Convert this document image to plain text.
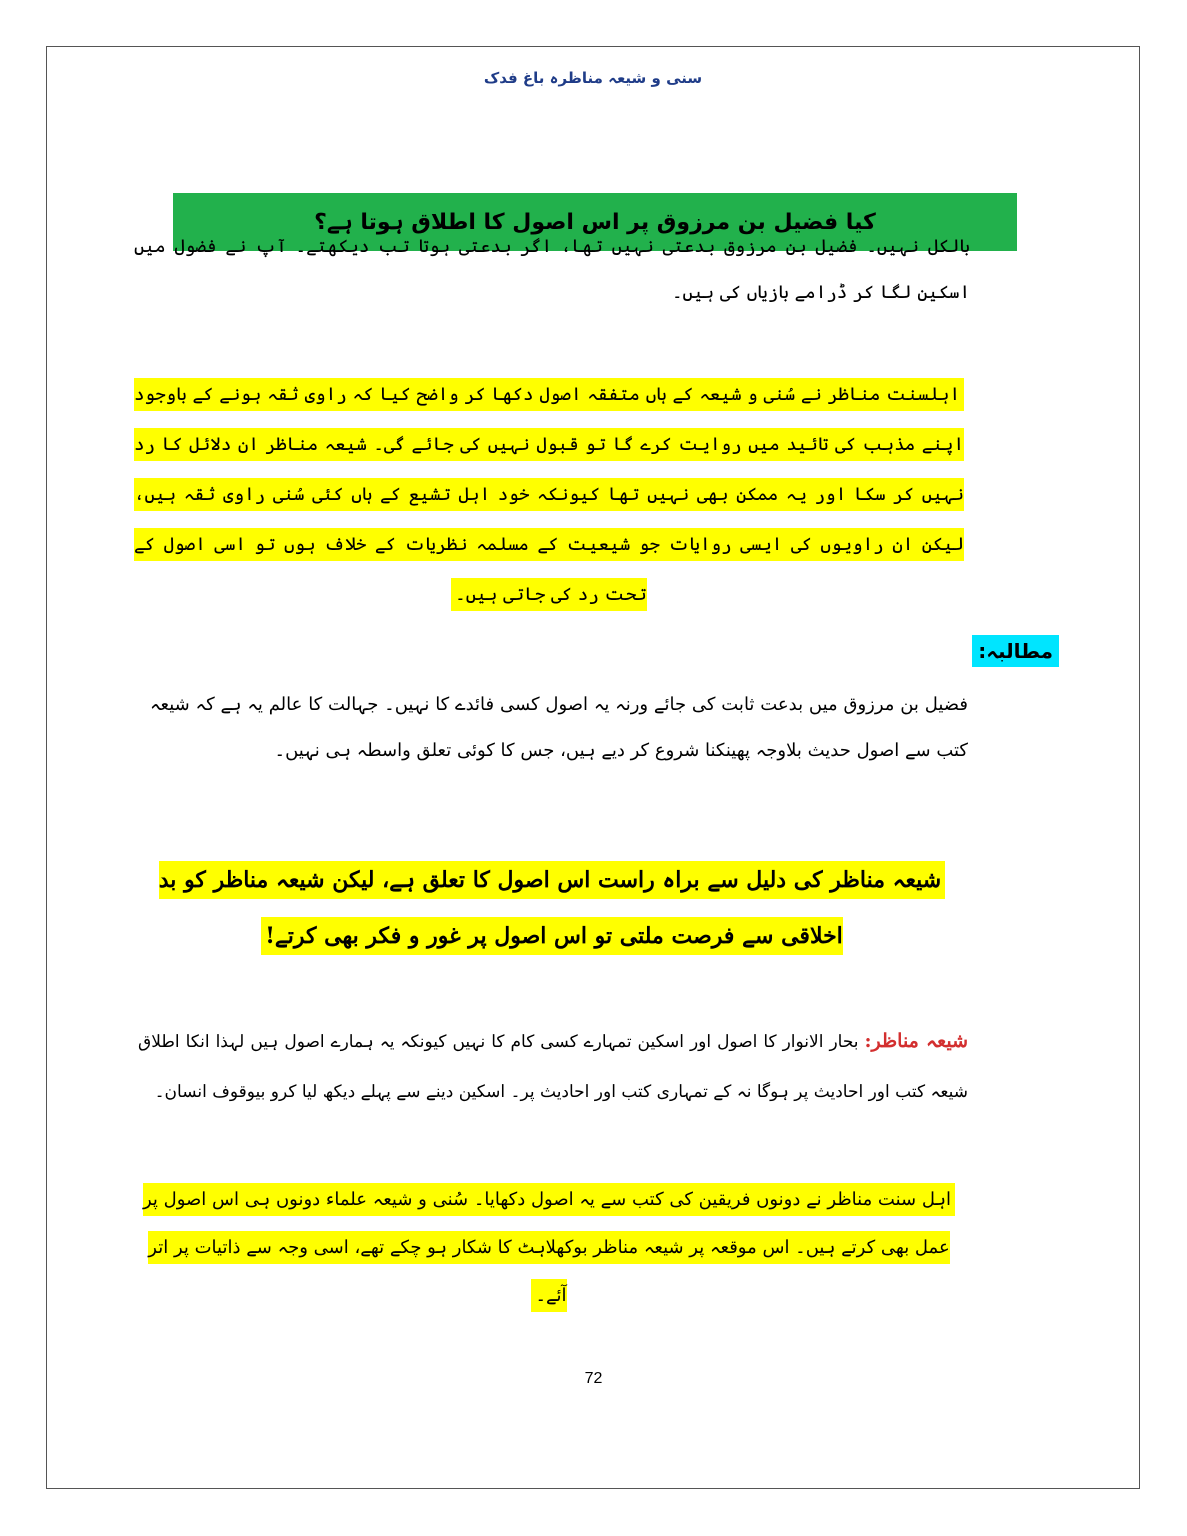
سنی و شیعہ مناظرہ باغ فدک
کیا فضیل بن مرزوق پر اس اصول کا اطلاق ہوتا ہے؟
بالکل نہیں۔ فضیل بن مرزوق بدعتی نہیں تھا، اگر بدعتی ہوتا تب دیکھتے۔ آپ نے فضول میں اسکین لگا کر ڈرامے بازیاں کی ہیں۔
اہلسنت مناظر نے سُنی و شیعہ کے ہاں متفقہ اصول دکھا کر واضح کیا کہ راوی ثقہ ہونے کے باوجود اپنے مذہب کی تائید میں روایت کرے گا تو قبول نہیں کی جائے گی۔ شیعہ مناظر ان دلائل کا رد نہیں کر سکا اور یہ ممکن بھی نہیں تھا کیونکہ خود اہل تشیع کے ہاں کئی سُنی راوی ثقہ ہیں، لیکن ان راویوں کی ایسی روایات جو شیعیت کے مسلمہ نظریات کے خلاف ہوں تو اسی اصول کے تحت رد کی جاتی ہیں۔
مطالبہ:
فضیل بن مرزوق میں بدعت ثابت کی جائے ورنہ یہ اصول کسی فائدے کا نہیں۔ جہالت کا عالم یہ ہے کہ شیعہ کتب سے اصول حدیث بلاوجہ پھینکنا شروع کر دیے ہیں، جس کا کوئی تعلق واسطہ ہی نہیں۔
شیعہ مناظر کی دلیل سے براہ راست اس اصول کا تعلق ہے، لیکن شیعہ مناظر کو بد اخلاقی سے فرصت ملتی تو اس اصول پر غور و فکر بھی کرتے!
شیعہ مناظر: بحار الانوار کا اصول اور اسکین تمہارے کسی کام کا نہیں کیونکہ یہ ہمارے اصول ہیں لہذا انکا اطلاق شیعہ کتب اور احادیث پر ہوگا نہ کے تمہاری کتب اور احادیث پر۔ اسکین دینے سے پہلے دیکھ لیا کرو بیوقوف انسان۔
اہل سنت مناظر نے دونوں فریقین کی کتب سے یہ اصول دکھایا۔ سُنی و شیعہ علماء دونوں ہی اس اصول پر عمل بھی کرتے ہیں۔ اس موقعہ پر شیعہ مناظر بوکھلاہٹ کا شکار ہو چکے تھے، اسی وجہ سے ذاتیات پر اتر آئے۔
72
